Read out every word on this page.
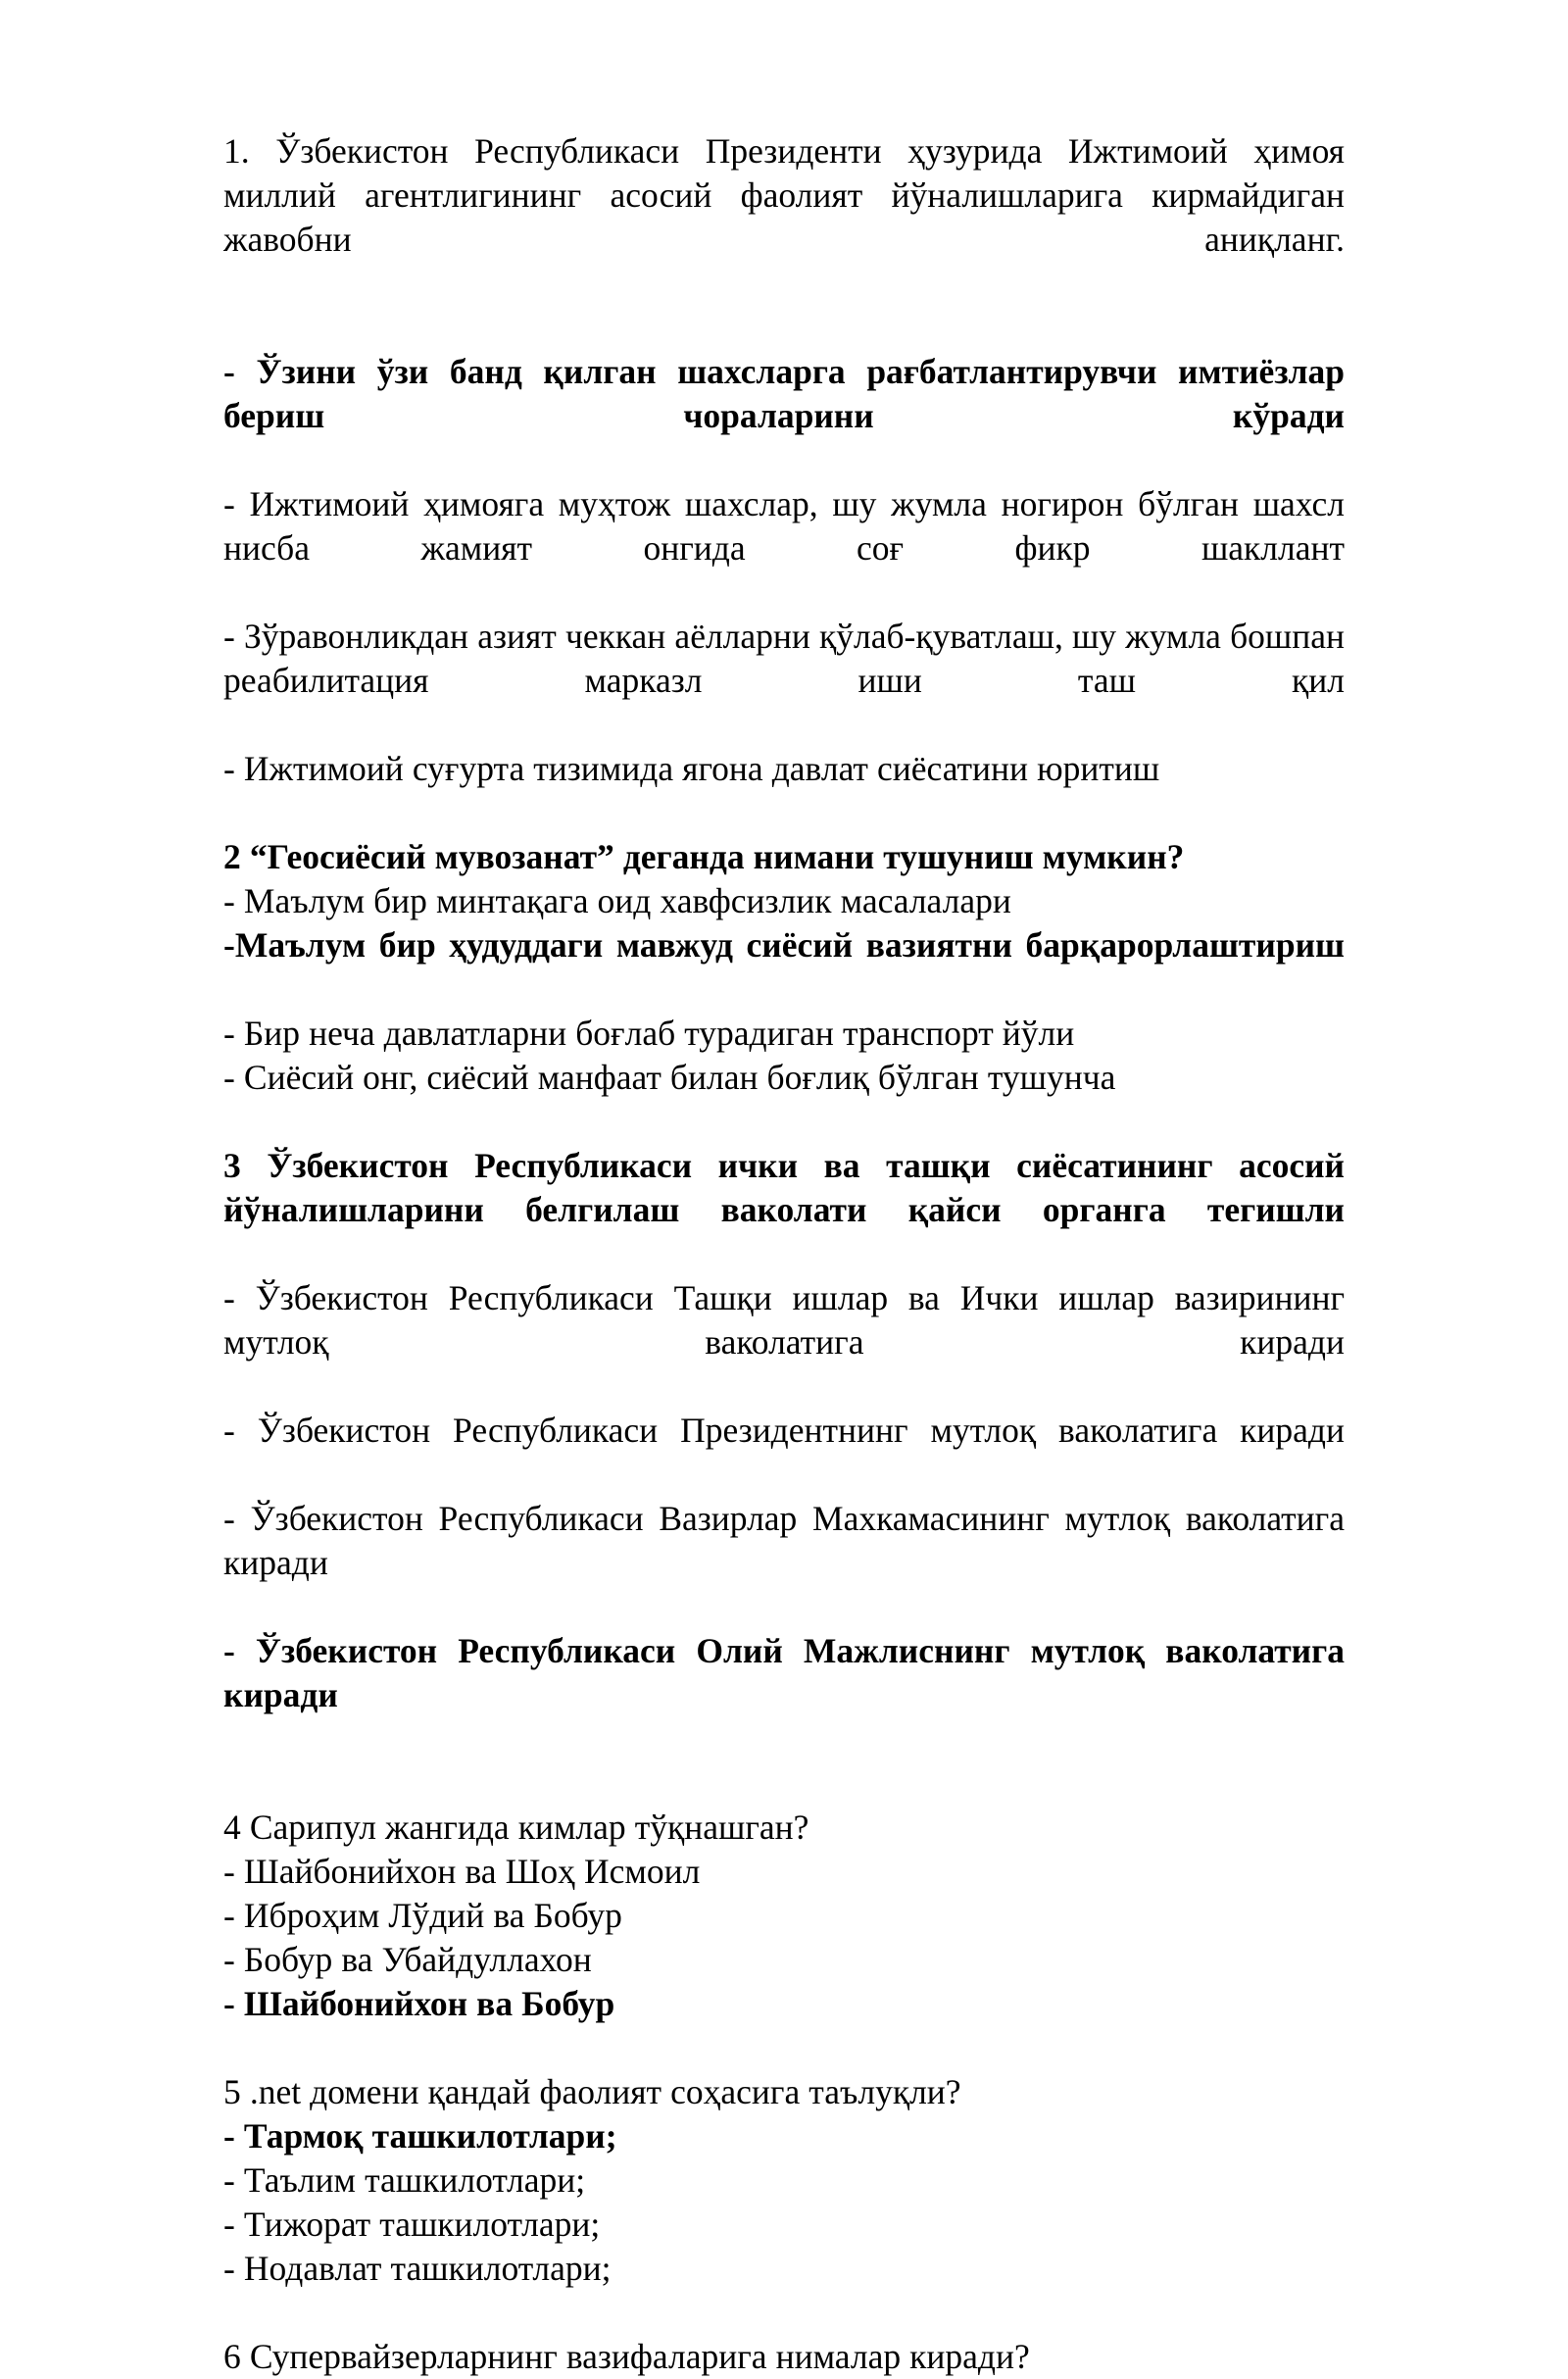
1. Ўзбекистон Республикаси Президенти ҳузурида Ижтимоий ҳимоя миллий агентлигининг асосий фаолият йўналишларига кирмайдиган жавобни аниқланг.

- Ўзини ўзи банд қилган шахсларга рағбатлантирувчи имтиёзлар бериш чораларини кўради

- Ижтимоий ҳимояга муҳтож шахслар, шу жумла ногирон бўлган шахсл нисба жамият онгида соғ фикр шакллант

- Зўравонликдан азият чеккан аёлларни қўлаб-қуватлаш, шу жумла бошпан реабилитация марказл иши таш қил

- Ижтимоий суғурта тизимида ягона давлат сиёсатини юритиш

2 “Геосиёсий мувозанат” деганда нимани тушуниш мумкин?

- Маълум бир минтақага оид хавфсизлик масалалари

-Маълум бир ҳудуддаги мавжуд сиёсий вазиятни барқарорлаштириш

- Бир неча давлатларни боғлаб турадиган транспорт йўли

- Сиёсий онг, сиёсий манфаат билан боғлиқ бўлган тушунча

3 Ўзбекистон Республикаси ички ва ташқи сиёсатининг асосий йўналишларини белгилаш ваколати қайси органга тегишли

- Ўзбекистон Республикаси Ташқи ишлар ва Ички ишлар вазирининг мутлоқ ваколатига киради

- Ўзбекистон Республикаси Президентнинг мутлоқ ваколатига киради

- Ўзбекистон Республикаси Вазирлар Махкамасининг мутлоқ ваколатига киради

- Ўзбекистон Республикаси Олий Мажлиснинг мутлоқ ваколатига киради

4 Сарипул жангида кимлар тўқнашган?

- Шайбонийхон ва Шоҳ Исмоил

- Иброҳим Лўдий ва Бобур

- Бобур ва Убайдуллахон

- Шайбонийхон ва Бобур

5 .net домени қандай фаолият соҳасига таълуқли?

- Тармоқ ташкилотлари;

- Таълим ташкилотлари;

- Тижорат ташкилотлари;

- Нодавлат ташкилотлари;

6 Супервайзерларнинг вазифаларига нималар киради?
